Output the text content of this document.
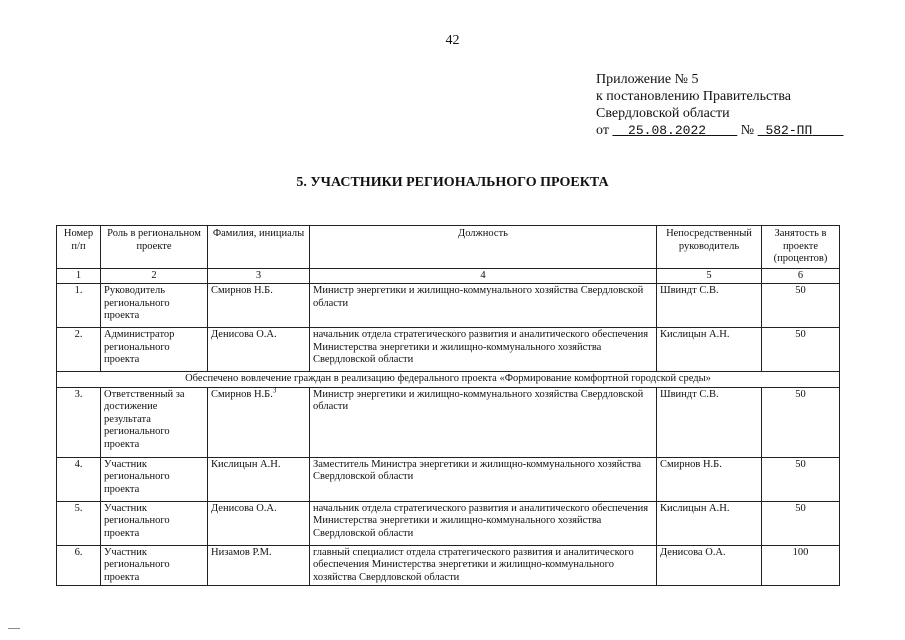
42
Приложение № 5
к постановлению Правительства
Свердловской области
от 25.08.2022 № 582-ПП
5. УЧАСТНИКИ РЕГИОНАЛЬНОГО ПРОЕКТА
Номер п/п	Роль в региональном проекте	Фамилия, инициалы	Должность	Непосредственный руководитель	Занятость в проекте (процентов)
1	2	3	4	5	6
1.	Руководитель регионального проекта	Смирнов Н.Б.	Министр энергетики и жилищно-коммунального хозяйства Свердловской области	Швиндт С.В.	50
2.	Администратор регионального проекта	Денисова О.А.	начальник отдела стратегического развития и аналитического обеспечения Министерства энергетики и жилищно-коммунального хозяйства Свердловской области	Кислицын А.Н.	50
Обеспечено вовлечение граждан в реализацию федерального проекта «Формирование комфортной городской среды»					
3.	Ответственный за достижение результата регионального проекта	Смирнов Н.Б.$^3$	Министр энергетики и жилищно-коммунального хозяйства Свердловской области	Швиндт С.В.	50
4.	Участник регионального проекта	Кислицын А.Н.	Заместитель Министра энергетики и жилищно-коммунального хозяйства Свердловской области	Смирнов Н.Б.	50
5.	Участник регионального проекта	Денисова О.А.	начальник отдела стратегического развития и аналитического обеспечения Министерства энергетики и жилищно-коммунального хозяйства Свердловской области	Кислицын А.Н.	50
6.	Участник регионального проекта	Низамов Р.М.	главный специалист отдела стратегического развития и аналитического обеспечения Министерства энергетики и жилищно-коммунального хозяйства Свердловской области	Денисова О.А.	100
